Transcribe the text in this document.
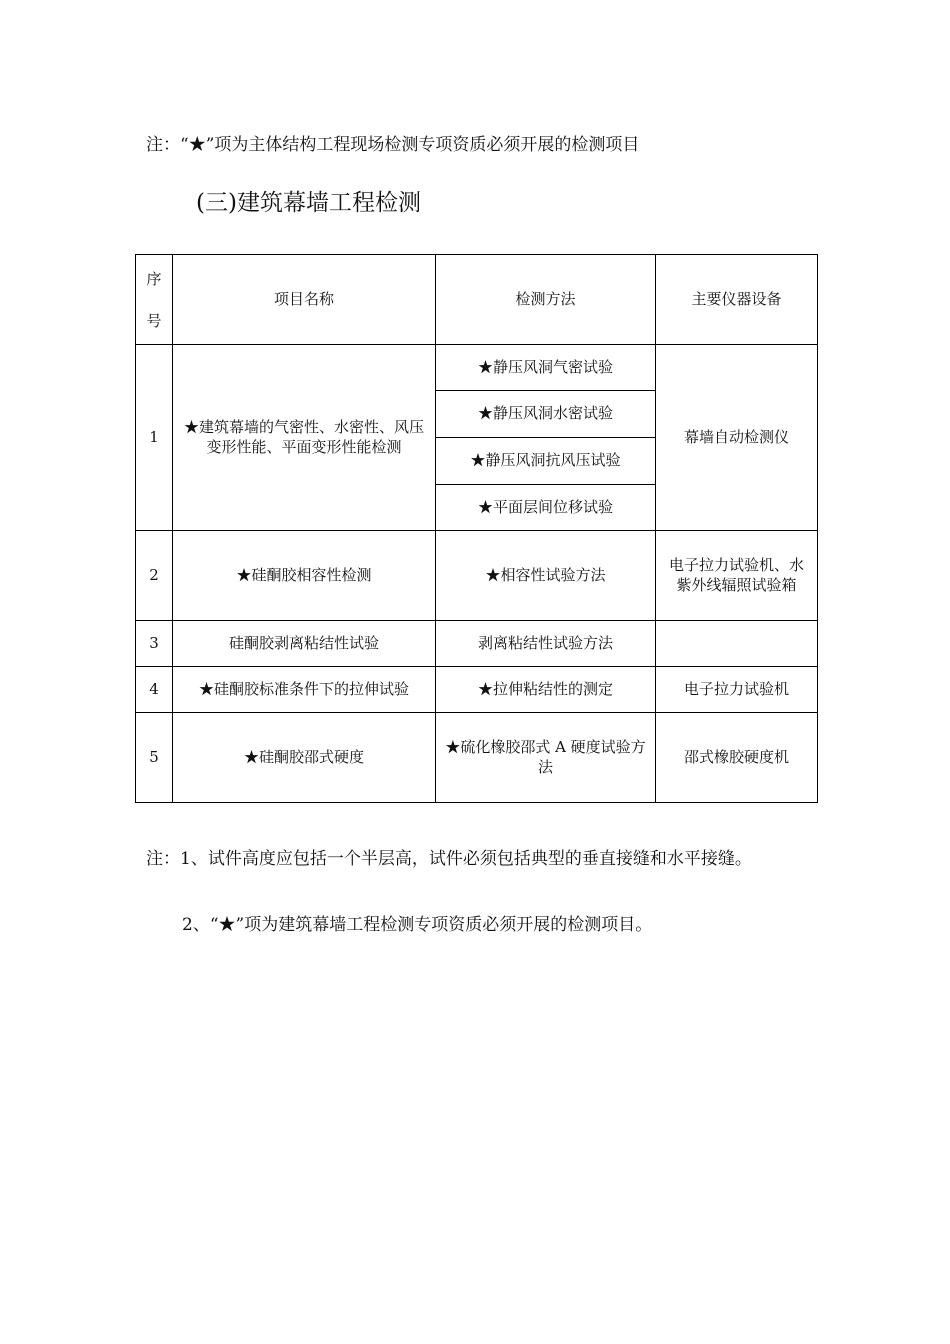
注：“★”项为主体结构工程现场检测专项资质必须开展的检测项目
(三)建筑幕墙工程检测
序
号	项目名称	检测方法	主要仪器设备
1	★建筑幕墙的气密性、水密性、风压变形性能、平面变形性能检测	★静压风洞气密试验	幕墙自动检测仪
		★静压风洞水密试验	
		★静压风洞抗风压试验	
		★平面层间位移试验	
2	★硅酮胶相容性检测	★相容性试验方法	电子拉力试验机、水紫外线辐照试验箱
3	硅酮胶剥离粘结性试验	剥离粘结性试验方法	
4	★硅酮胶标准条件下的拉伸试验	★拉伸粘结性的测定	电子拉力试验机
5	★硅酮胶邵式硬度	★硫化橡胶邵式 A 硬度试验方法	邵式橡胶硬度机
注：1、试件高度应包括一个半层高，试件必须包括典型的垂直接缝和水平接缝。
2、“★”项为建筑幕墙工程检测专项资质必须开展的检测项目。
